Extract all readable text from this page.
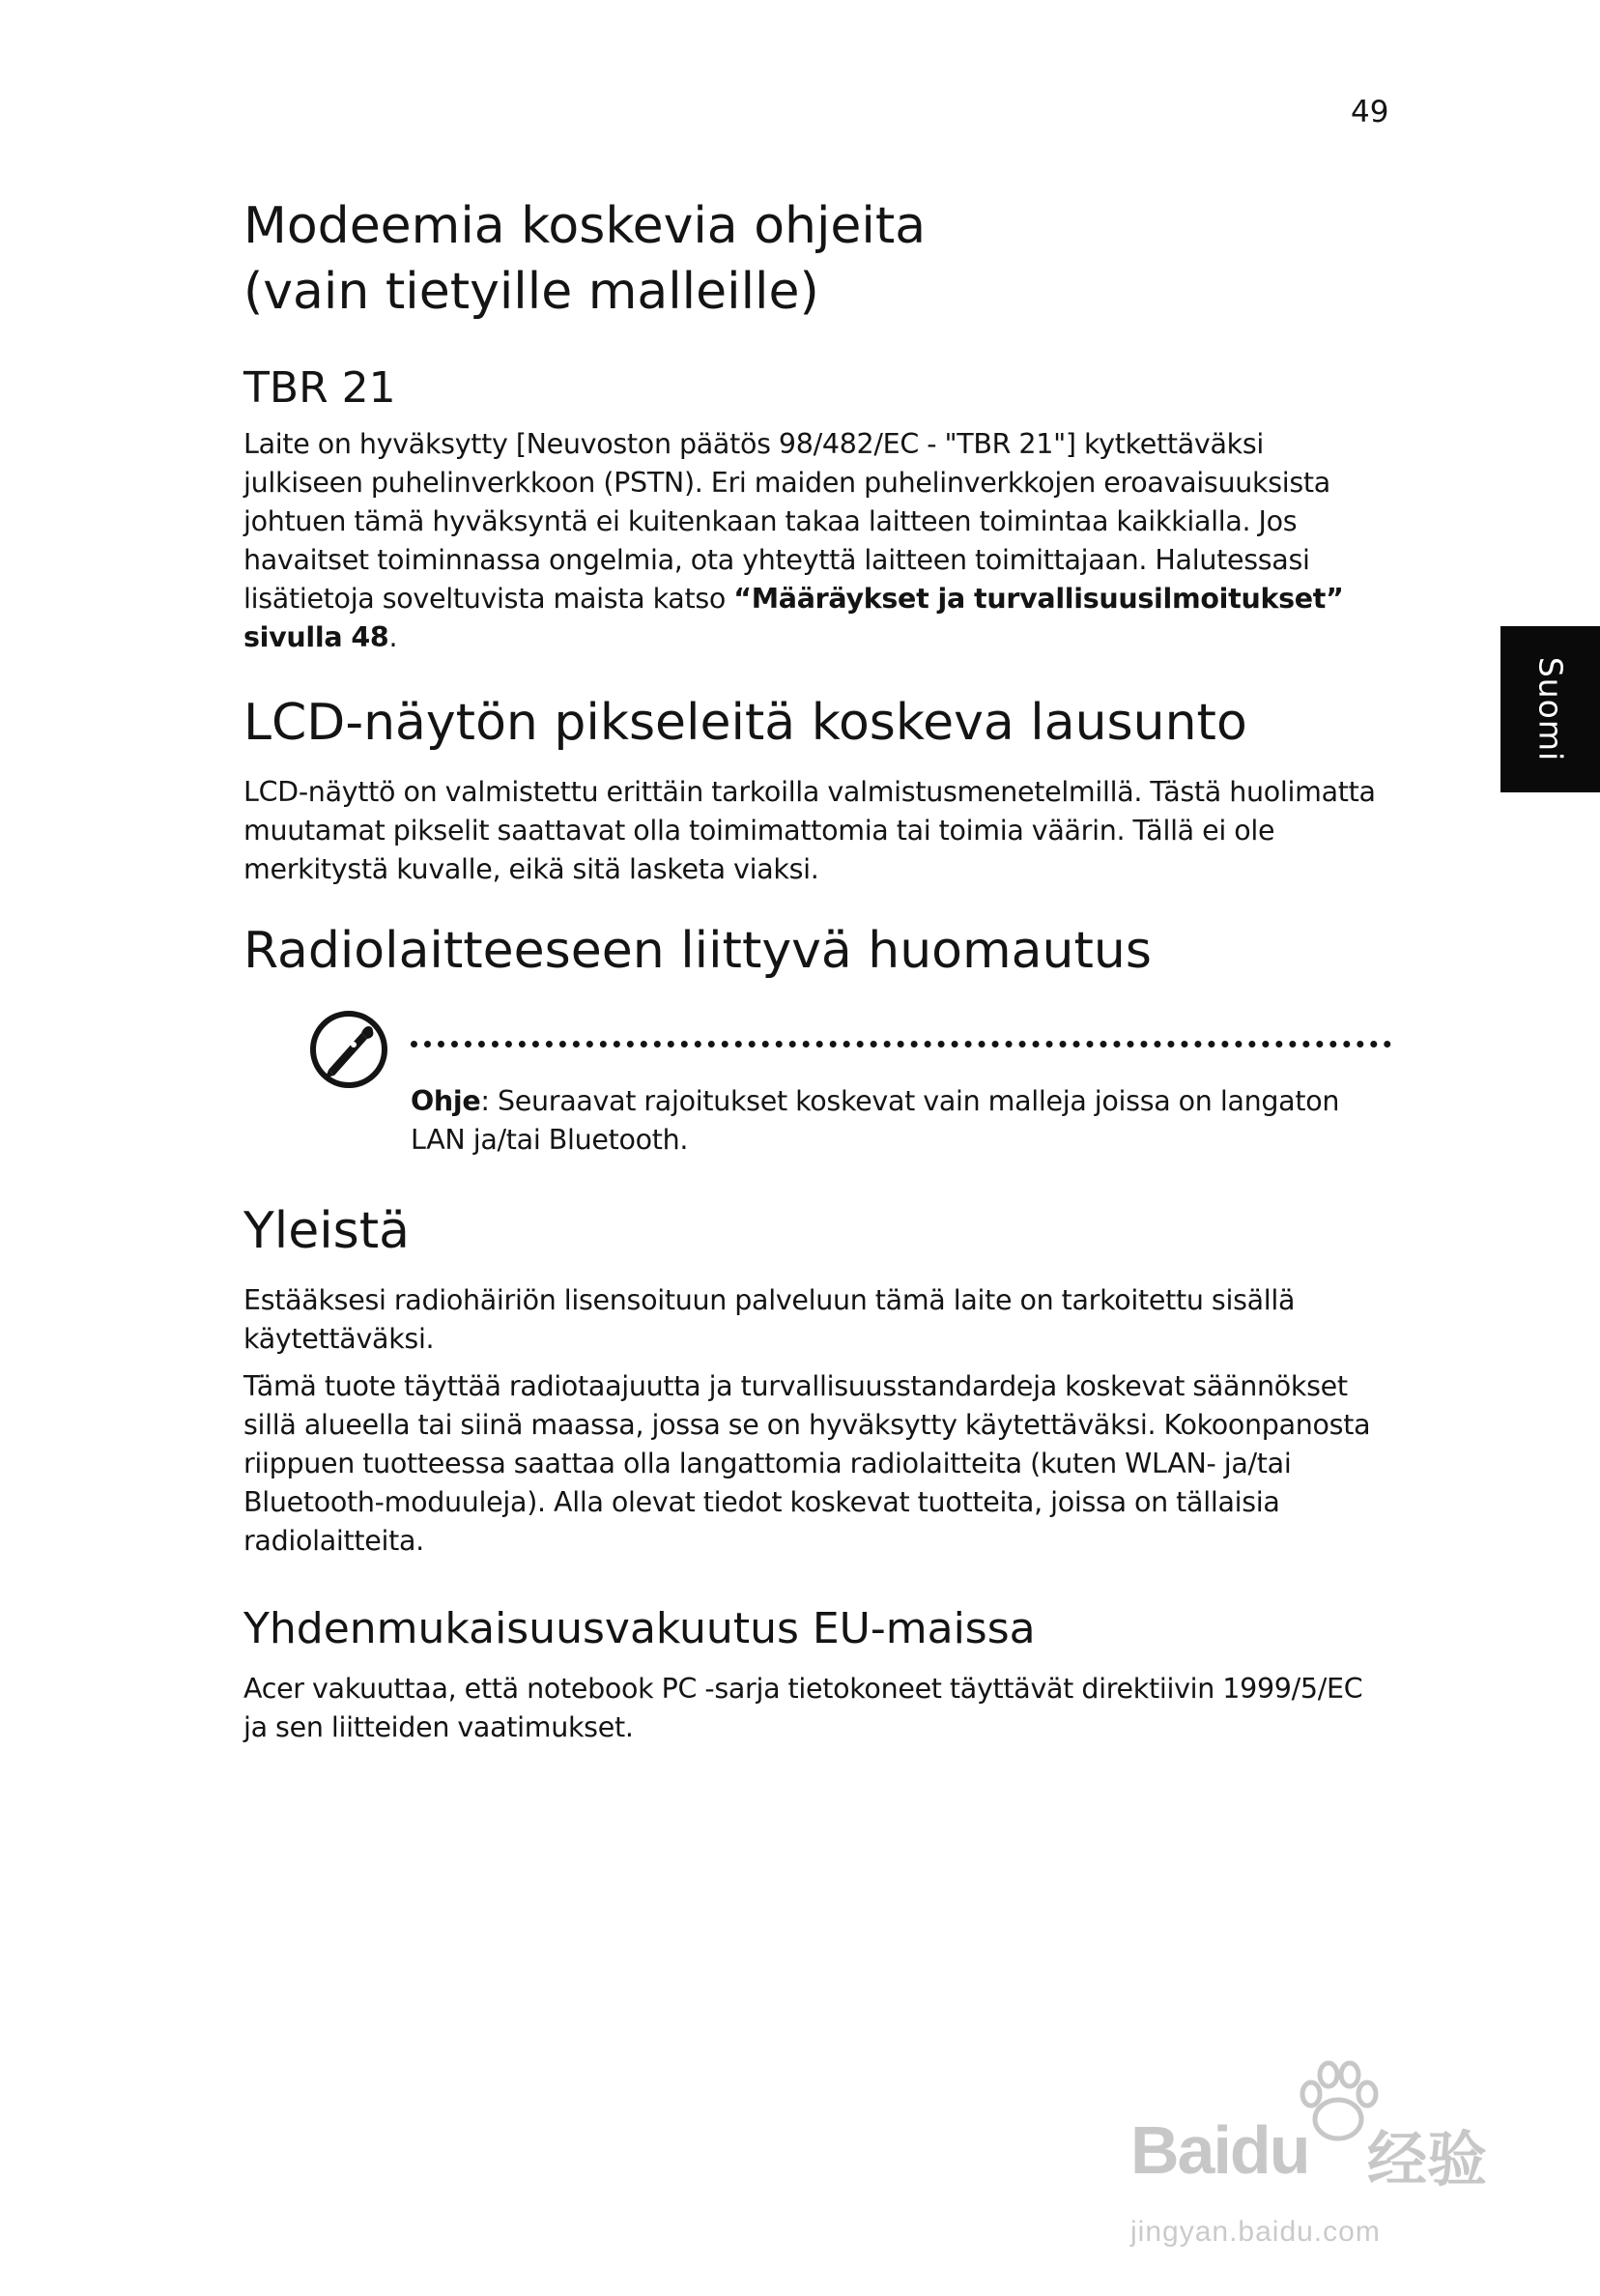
49
Suomi
Modeemia koskevia ohjeita
(vain tietyille malleille)
TBR 21

Laite on hyväksytty [Neuvoston päätös 98/482/EC - "TBR 21"] kytkettäväksi julkiseen puhelinverkkoon (PSTN). Eri maiden puhelinverkkojen eroavaisuuksista johtuen tämä hyväksyntä ei kuitenkaan takaa laitteen toimintaa kaikkialla. Jos havaitset toiminnassa ongelmia, ota yhteyttä laitteen toimittajaan. Halutessasi lisätietoja soveltuvista maista katso “Määräykset ja turvallisuusilmoitukset” sivulla 48.

LCD-näytön pikseleitä koskeva lausunto

LCD-näyttö on valmistettu erittäin tarkoilla valmistusmenetelmillä. Tästä huolimatta muutamat pikselit saattavat olla toimimattomia tai toimia väärin. Tällä ei ole merkitystä kuvalle, eikä sitä lasketa viaksi.

Radiolaitteeseen liittyvä huomautus

Ohje: Seuraavat rajoitukset koskevat vain malleja joissa on langaton LAN ja/tai Bluetooth.

Yleistä

Estääksesi radiohäiriön lisensoituun palveluun tämä laite on tarkoitettu sisällä käytettäväksi.

Tämä tuote täyttää radiotaajuutta ja turvallisuusstandardeja koskevat säännökset sillä alueella tai siinä maassa, jossa se on hyväksytty käytettäväksi. Kokoonpanosta riippuen tuotteessa saattaa olla langattomia radiolaitteita (kuten WLAN- ja/tai Bluetooth-moduuleja). Alla olevat tiedot koskevat tuotteita, joissa on tällaisia radiolaitteita.

Yhdenmukaisuusvakuutus EU-maissa

Acer vakuuttaa, että notebook PC -sarja tietokoneet täyttävät direktiivin 1999/5/EC ja sen liitteiden vaatimukset.

Baidu 经验
jingyan.baidu.com
